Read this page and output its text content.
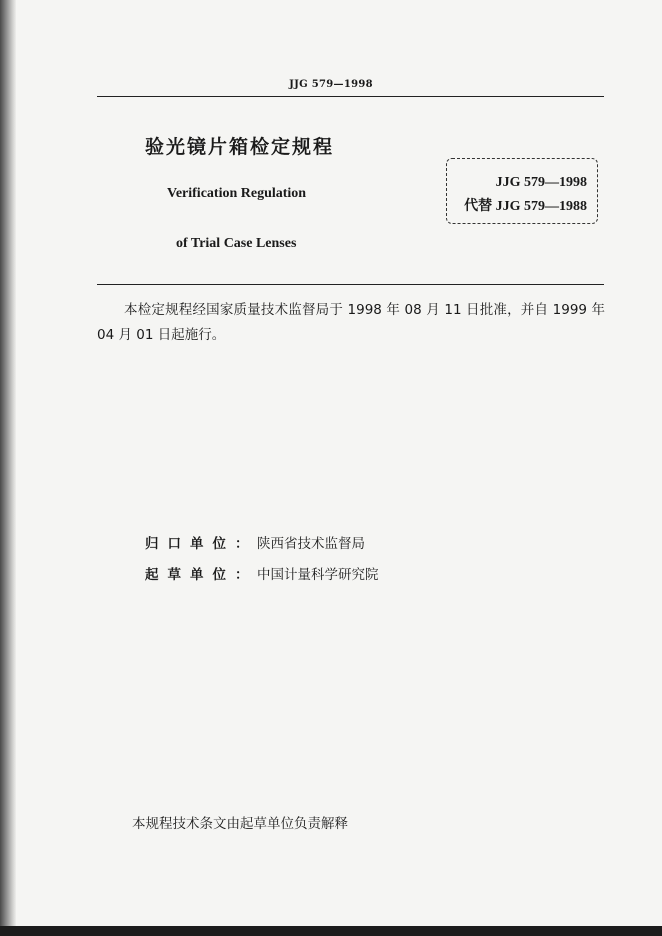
JJG 579—1998
验光镜片箱检定规程
Verification Regulation
of Trial Case Lenses
JJG 579—1998
代替 JJG 579—1988

本检定规程经国家质量技术监督局于 1998 年 08 月 11 日批准，并自 1999 年 04 月 01 日起施行。

归口单位：陕西省技术监督局
起草单位：中国计量科学研究院
本规程技术条文由起草单位负责解释
